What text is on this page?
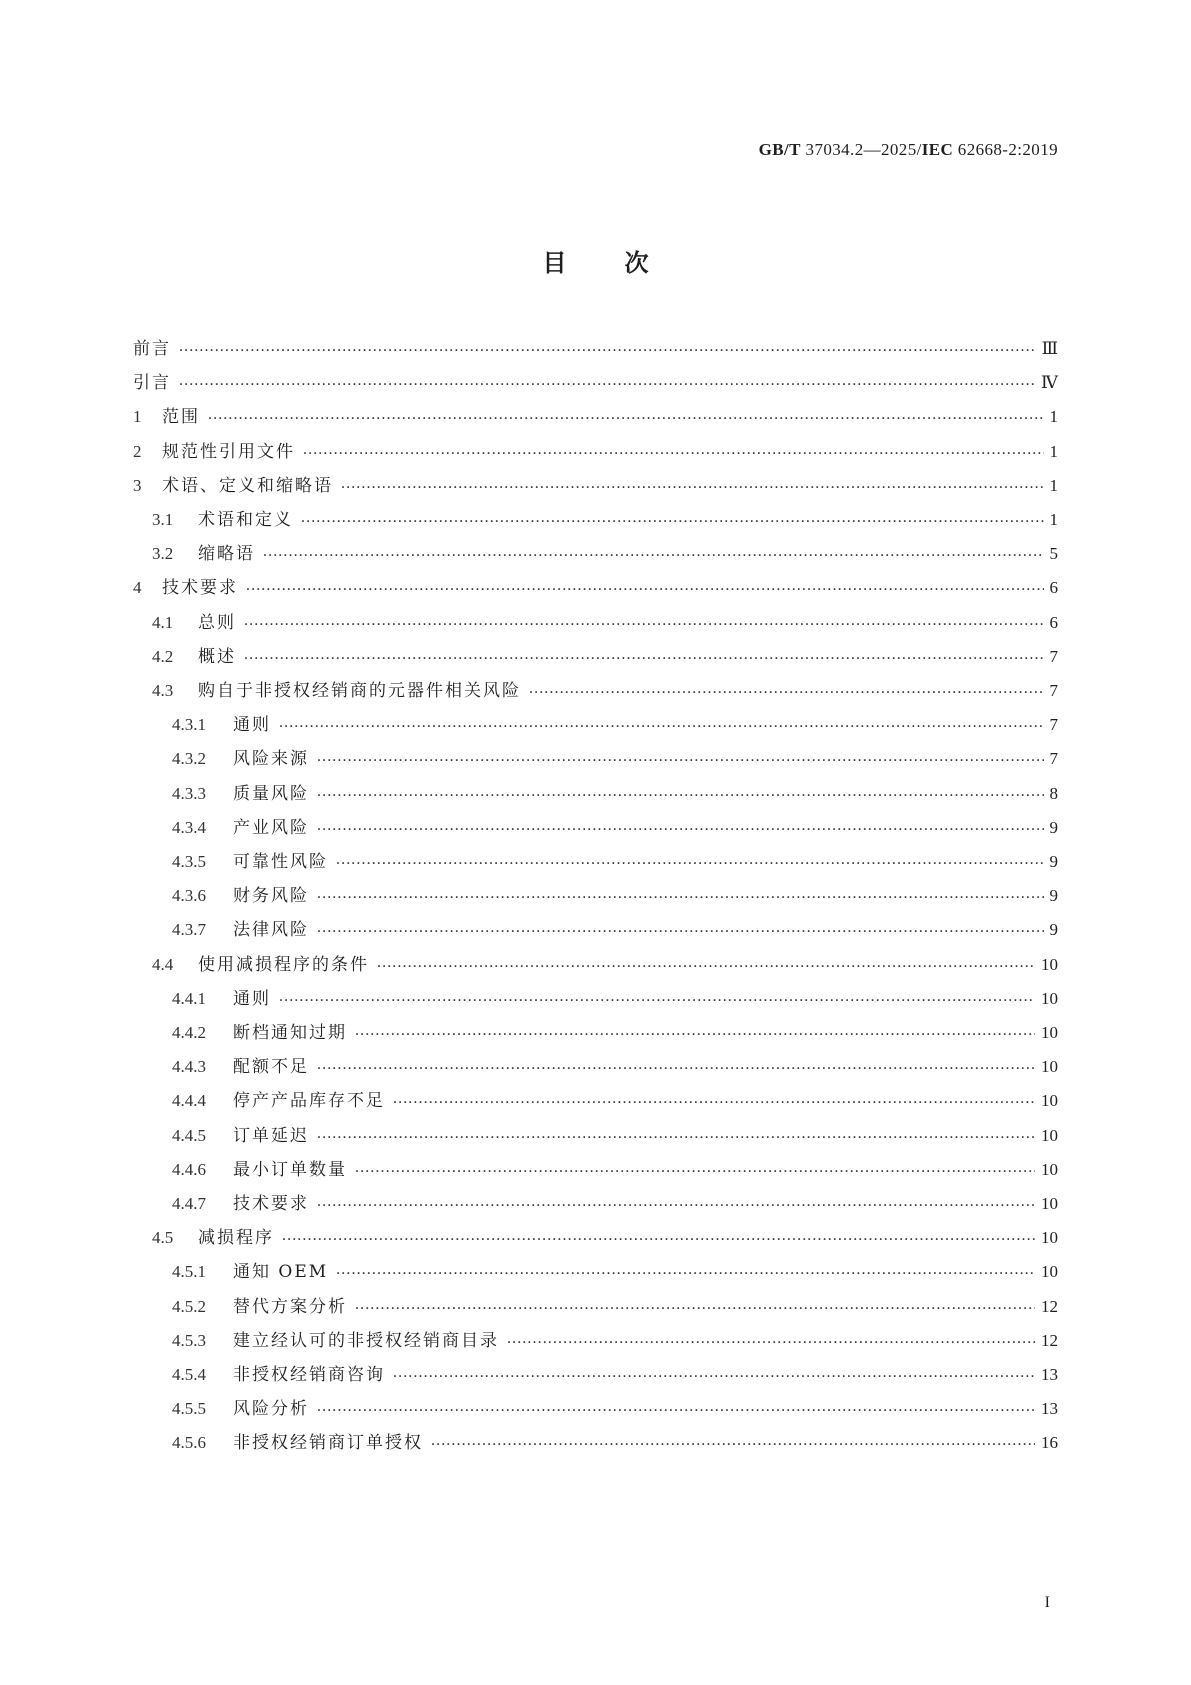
GB/T 37034.2—2025/IEC 62668-2:2019
目次
前言 .....	Ⅲ
引言 .....	Ⅳ
1	范围 .....	1
2	规范性引用文件 .....	1
3	术语、定义和缩略语 .....	1
3.1	术语和定义 .....	1
3.2	缩略语 .....	5
4	技术要求 .....	6
4.1	总则 .....	6
4.2	概述 .....	7
4.3	购自于非授权经销商的元器件相关风险 .....	7
4.3.1	通则 .....	7
4.3.2	风险来源 .....	7
4.3.3	质量风险 .....	8
4.3.4	产业风险 .....	9
4.3.5	可靠性风险 .....	9
4.3.6	财务风险 .....	9
4.3.7	法律风险 .....	9
4.4	使用减损程序的条件 .....	10
4.4.1	通则 .....	10
4.4.2	断档通知过期 .....	10
4.4.3	配额不足 .....	10
4.4.4	停产产品库存不足 .....	10
4.4.5	订单延迟 .....	10
4.4.6	最小订单数量 .....	10
4.4.7	技术要求 .....	10
4.5	减损程序 .....	10
4.5.1	通知 OEM .....	10
4.5.2	替代方案分析 .....	12
4.5.3	建立经认可的非授权经销商目录 .....	12
4.5.4	非授权经销商咨询 .....	13
4.5.5	风险分析 .....	13
4.5.6	非授权经销商订单授权 .....	16
I
